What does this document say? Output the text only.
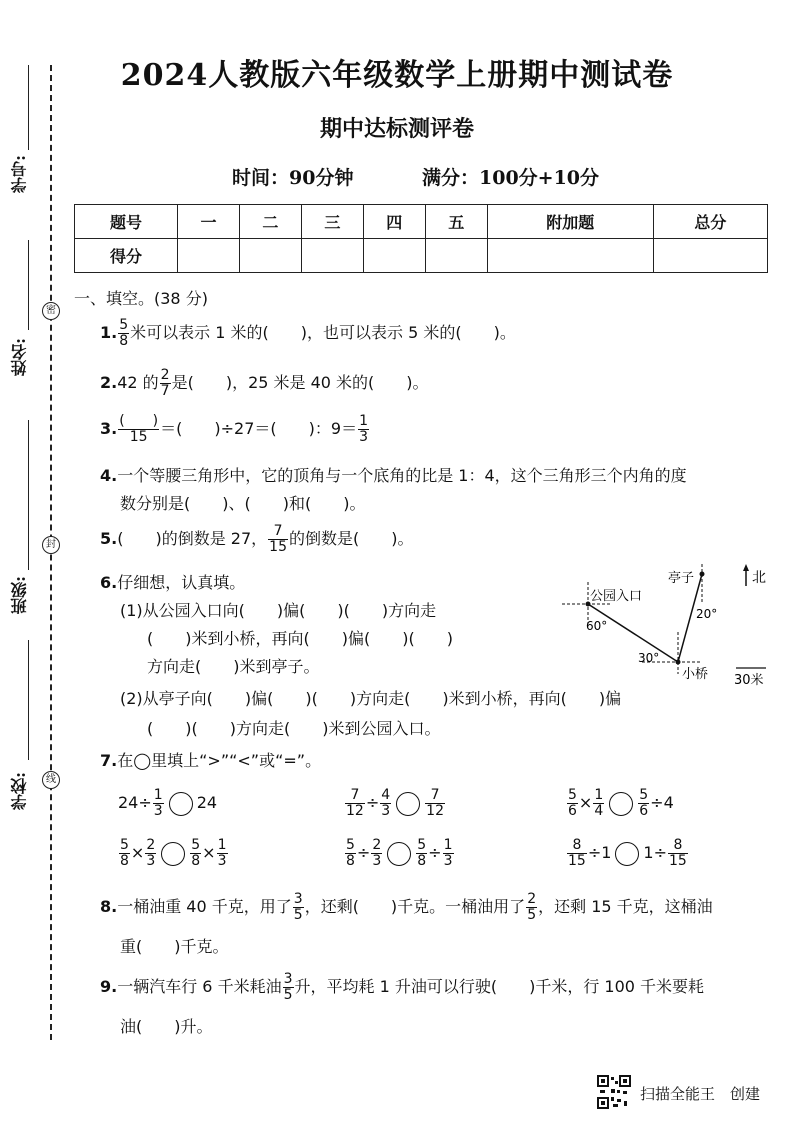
学号:
姓名:
班级:
学校:
密
封
线
2024人教版六年级数学上册期中测试卷
期中达标测评卷
时间：90分钟	满分：100分+10分
题号	一	二	三	四	五	附加题	总分
得分							
一、填空。(38 分)
1. $\frac{5}{8}$ 米可以表示 1 米的(　　)，也可以表示 5 米的(　　)。
2.42 的 $\frac{2}{7}$ 是(　　)，25 米是 40 米的(　　)。
3. $\frac{( )}{15}$ ＝(　　)÷27＝(　　)：$9= \frac{1}{3}$
4.一个等腰三角形中，它的顶角与一个底角的比是 1：4，这个三角形三个内角的度
数分别是(　　)、(　　)和(　　)。
5.(　　)的倒数是 27， $\frac{7}{15}$ 的倒数是(　　)。
6.仔细想，认真填。
(1)从公园入口向(　　)偏(　　)(　　)方向走
(　　)米到小桥，再向(　　)偏(　　)(　　)
方向走(　　)米到亭子。
(2)从亭子向(　　)偏(　　)(　　)方向走(　　)米到小桥，再向(　　)偏
(　　)(　　)方向走(　　)米到公园入口。
公园入口
亭子
小桥
60°
30°
20°
北
30米
7.在◯里填上“>”“<”或“=”。
$24\div \frac{1}{3} 24$	$\frac{7}{12} \div \frac{4}{3} \frac{7}{12}$	$\frac{5}{6} \times \frac{1}{4} \frac{5}{6} \div 4$
$\frac{5}{8} \times \frac{2}{3} \frac{5}{8} \times \frac{1}{3}$	$\frac{5}{8} \div \frac{2}{3} \frac{5}{8} \div \frac{1}{3}$	$\frac{8}{15} \div 1$ $1\div \frac{8}{15}$
8.一桶油重 40 千克，用了 $\frac{3}{5}$ ，还剩(　　)千克。一桶油用了 $\frac{2}{5}$ ，还剩 15 千克，这桶油
重(　　)千克。
9.一辆汽车行 6 千米耗油 $\frac{3}{5}$ 升，平均耗 1 升油可以行驶(　　)千米，行 100 千米要耗
油(　　)升。
扫描全能王　创建
